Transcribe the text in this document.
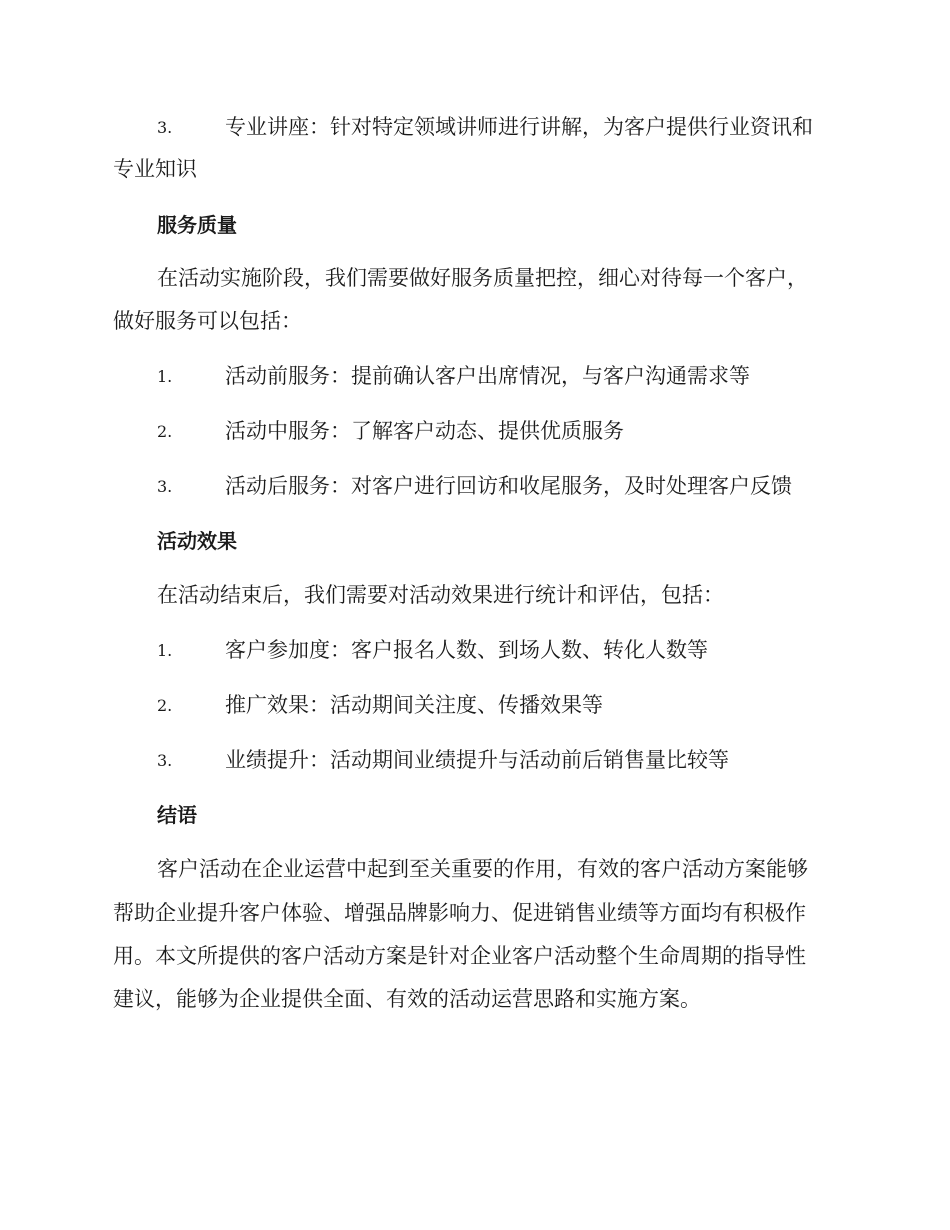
3.	专业讲座：针对特定领域讲师进行讲解，为客户提供行业资讯和
专业知识
服务质量
在活动实施阶段，我们需要做好服务质量把控，细心对待每一个客户，
做好服务可以包括：
1.	活动前服务：提前确认客户出席情况，与客户沟通需求等
2.	活动中服务：了解客户动态、提供优质服务
3.	活动后服务：对客户进行回访和收尾服务，及时处理客户反馈
活动效果
在活动结束后，我们需要对活动效果进行统计和评估，包括：
1.	客户参加度：客户报名人数、到场人数、转化人数等
2.	推广效果：活动期间关注度、传播效果等
3.	业绩提升：活动期间业绩提升与活动前后销售量比较等
结语
客户活动在企业运营中起到至关重要的作用，有效的客户活动方案能够
帮助企业提升客户体验、增强品牌影响力、促进销售业绩等方面均有积极作
用。本文所提供的客户活动方案是针对企业客户活动整个生命周期的指导性
建议，能够为企业提供全面、有效的活动运营思路和实施方案。
